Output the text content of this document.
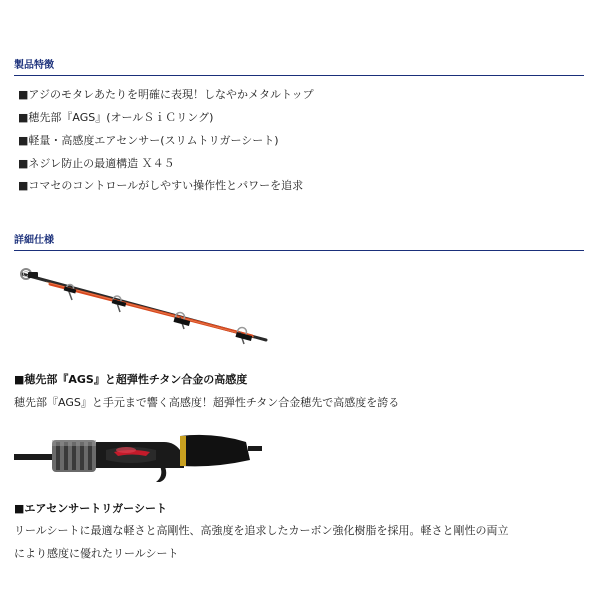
製品特徴
■アジのモタレあたりを明確に表現！しなやかメタルトップ
■穂先部『AGS』(オールＳｉＣリング)
■軽量・高感度エアセンサー(スリムトリガーシート)
■ネジレ防止の最適構造 Ｘ４５
■コマセのコントロールがしやすい操作性とパワーを追求
詳細仕様
■穂先部『AGS』と超弾性チタン合金の高感度
穂先部『AGS』と手元まで響く高感度！超弾性チタン合金穂先で高感度を誇る
■エアセンサートリガーシート
リールシートに最適な軽さと高剛性、高強度を追求したカーボン強化樹脂を採用。軽さと剛性の両立
により感度に優れたリールシート
